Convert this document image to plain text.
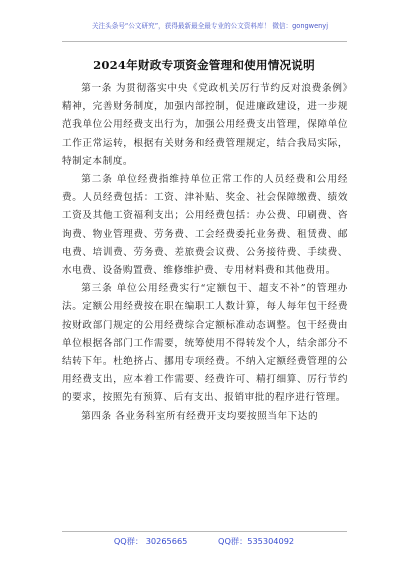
关注头条号“公文研究”，获得最新最全最专业的公文资料库！ 微信：gongwenyj
2024年财政专项资金管理和使用情况说明

第一条 为贯彻落实中央《党政机关厉行节约反对浪费条例》精神，完善财务制度，加强内部控制，促进廉政建设，进一步规范我单位公用经费支出行为，加强公用经费支出管理，保障单位工作正常运转，根据有关财务和经费管理规定，结合我局实际，特制定本制度。

第二条 单位经费指维持单位正常工作的人员经费和公用经费。人员经费包括：工资、津补贴、奖金、社会保障缴费、绩效工资及其他工资福利支出；公用经费包括：办公费、印刷费、咨询费、物业管理费、劳务费、工会经费委托业务费、租赁费、邮电费、培训费、劳务费、差旅费会议费、公务接待费、手续费、水电费、设备购置费、维修维护费、专用材料费和其他费用。

第三条 单位公用经费实行“定额包干、超支不补”的管理办法。定额公用经费按在职在编职工人数计算，每人每年包干经费按财政部门规定的公用经费综合定额标准动态调整。包干经费由单位根据各部门工作需要，统筹使用不得转发个人，结余部分不结转下年。杜绝挤占、挪用专项经费。不纳入定额经费管理的公用经费支出，应本着工作需要、经费许可、精打细算、厉行节约的要求，按照先有预算、后有支出、报销审批的程序进行管理。

第四条 各业务科室所有经费开支均要按照当年下达的

QQ群： 30265665	QQ群：535304092
